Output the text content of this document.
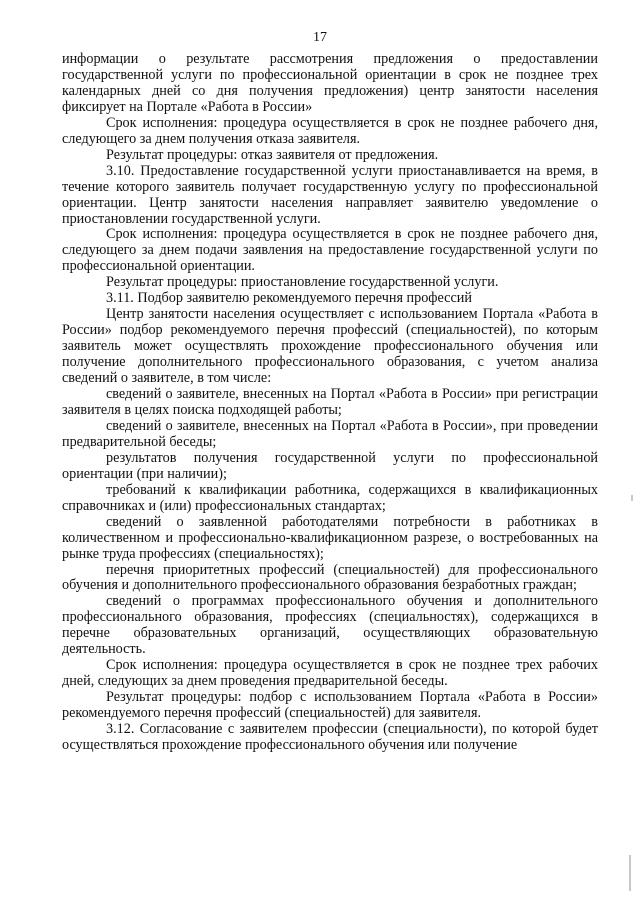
17

информации о результате рассмотрения предложения о предоставлении государственной услуги по профессиональной ориентации в срок не позднее трех календарных дней со дня получения предложения) центр занятости населения фиксирует на Портале «Работа в России»

Срок исполнения: процедура осуществляется в срок не позднее рабочего дня, следующего за днем получения отказа заявителя.

Результат процедуры: отказ заявителя от предложения.

3.10. Предоставление государственной услуги приостанавливается на время, в течение которого заявитель получает государственную услугу по профессиональной ориентации. Центр занятости населения направляет заявителю уведомление о приостановлении государственной услуги.

Срок исполнения: процедура осуществляется в срок не позднее рабочего дня, следующего за днем подачи заявления на предоставление государственной услуги по профессиональной ориентации.

Результат процедуры: приостановление государственной услуги.

3.11. Подбор заявителю рекомендуемого перечня профессий

Центр занятости населения осуществляет с использованием Портала «Работа в России» подбор рекомендуемого перечня профессий (специальностей), по которым заявитель может осуществлять прохождение профессионального обучения или получение дополнительного профессионального образования, с учетом анализа сведений о заявителе, в том числе:

сведений о заявителе, внесенных на Портал «Работа в России» при регистрации заявителя в целях поиска подходящей работы;

сведений о заявителе, внесенных на Портал «Работа в России», при проведении предварительной беседы;

результатов получения государственной услуги по профессиональной ориентации (при наличии);

требований к квалификации работника, содержащихся в квалификационных справочниках и (или) профессиональных стандартах;

сведений о заявленной работодателями потребности в работниках в количественном и профессионально-квалификационном разрезе, о востребованных на рынке труда профессиях (специальностях);

перечня приоритетных профессий (специальностей) для профессионального обучения и дополнительного профессионального образования безработных граждан;

сведений о программах профессионального обучения и дополнительного профессионального образования, профессиях (специальностях), содержащихся в перечне образовательных организаций, осуществляющих образовательную деятельность.

Срок исполнения: процедура осуществляется в срок не позднее трех рабочих дней, следующих за днем проведения предварительной беседы.

Результат процедуры: подбор с использованием Портала «Работа в России» рекомендуемого перечня профессий (специальностей) для заявителя.

3.12. Согласование с заявителем профессии (специальности), по которой будет осуществляться прохождение профессионального обучения или получение
